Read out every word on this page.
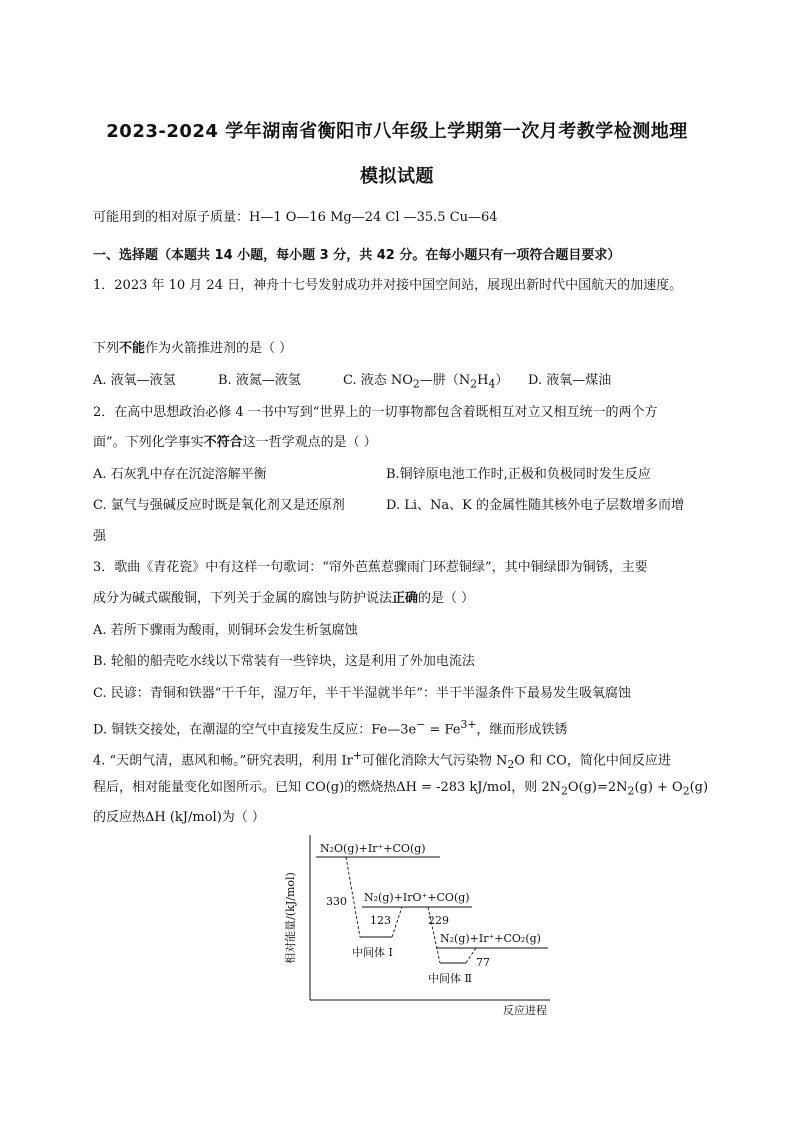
2023-2024 学年湖南省衡阳市八年级上学期第一次月考教学检测地理
模拟试题
可能用到的相对原子质量：H—1 O—16 Mg—24 Cl —35.5 Cu—64
一、选择题（本题共 14 小题，每小题 3 分，共 42 分。在每小题只有一项符合题目要求）
1．2023 年 10 月 24 日，神舟十七号发射成功并对接中国空间站，展现出新时代中国航天的加速度。
下列不能作为火箭推进剂的是（ ）
A. 液氧—液氢	B. 液氮—液氢	C. 液态 $NO_2—$肼$(N_2H_4)$ D. 液氧—煤油
2．在高中思想政治必修 4 一书中写到“世界上的一切事物都包含着既相互对立又相互统一的两个方
面”。下列化学事实不符合这一哲学观点的是（ ）
A. 石灰乳中存在沉淀溶解平衡	B.铜锌原电池工作时,正极和负极同时发生反应
C. 氯气与强碱反应时既是氧化剂又是还原剂	D. Li、Na、K 的金属性随其核外电子层数增多而增
强
3．歌曲《青花瓷》中有这样一句歌词：“帘外芭蕉惹骤雨门环惹铜绿”，其中铜绿即为铜锈，主要
成分为碱式碳酸铜，下列关于金属的腐蚀与防护说法正确的是（ ）
A. 若所下骤雨为酸雨，则铜环会发生析氢腐蚀
B. 轮船的船壳吃水线以下常装有一些锌块，这是利用了外加电流法
C. 民谚：青铜和铁器“干千年，湿万年，半干半湿就半年”：半干半湿条件下最易发生吸氧腐蚀
D. 铜铁交接处，在潮湿的空气中直接发生反应：Fe—3e− = $Fe^{3+}$，继而形成铁锈
4. “天朗气清，惠风和畅。”研究表明，利用 Ir+可催化消除大气污染物 $N_2O$ 和 CO，简化中间反应进
程后，相对能量变化如图所示。已知 CO(g)的燃烧热ΔH = -283 kJ/mol，则 $2N_2O(g)=2N_2(g) + O_2(g)$
的反应热ΔH (kJ/mol)为（ ）
相对能量/(kJ/mol)
反应进程
N₂O(g)+Ir⁺+CO(g)
中间体 Ⅰ
N₂(g)+IrO⁺+CO(g)
中间体 Ⅱ
N₂(g)+Ir⁺+CO₂(g)
330
123	229
77
